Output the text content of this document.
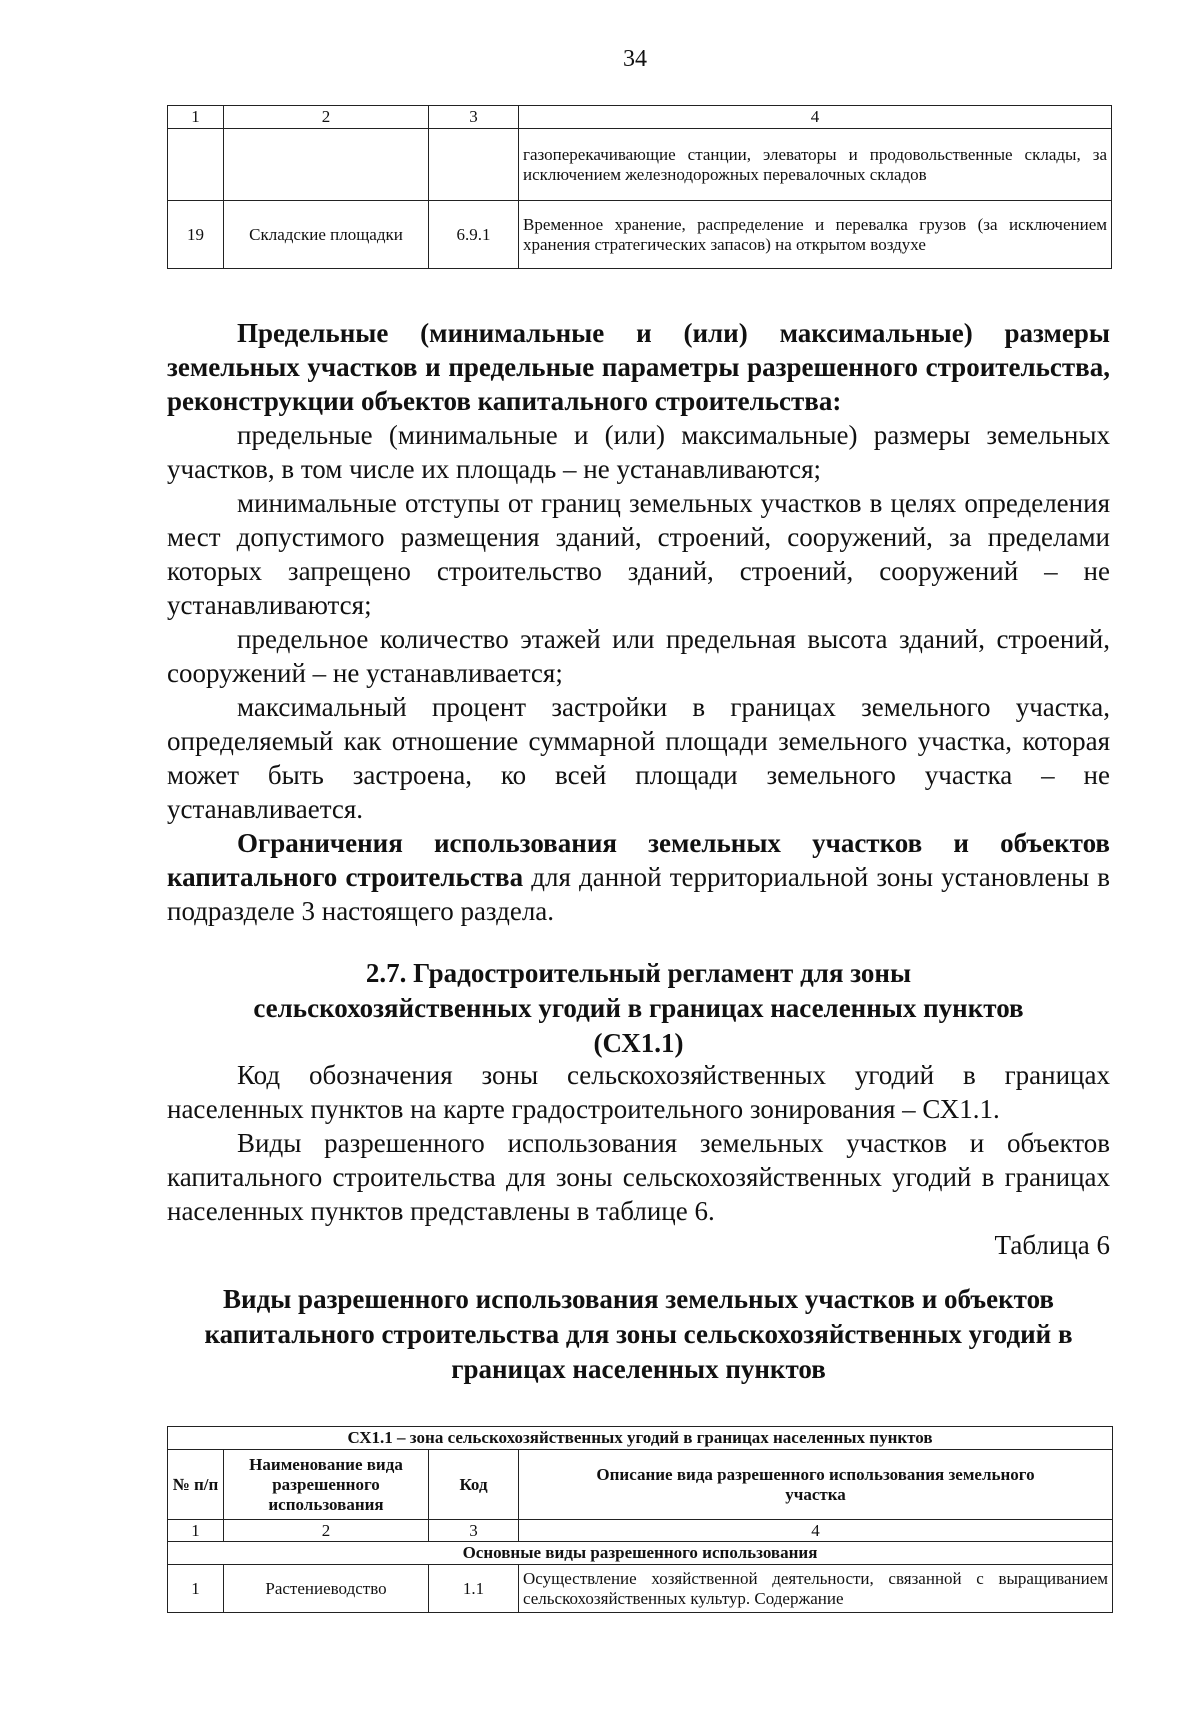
34
1	2	3	4
			газоперекачивающие станции, элеваторы и продовольственные склады, за исключением железнодорожных перевалочных складов
19	Складские площадки	6.9.1	Временное хранение, распределение и перевалка грузов (за исключением хранения стратегических запасов) на открытом воздухе

Предельные (минимальные и (или) максимальные) размеры земельных участков и предельные параметры разрешенного строительства, реконструкции объектов капитального строительства:

предельные (минимальные и (или) максимальные) размеры земельных участков, в том числе их площадь – не устанавливаются;

минимальные отступы от границ земельных участков в целях определения мест допустимого размещения зданий, строений, сооружений, за пределами которых запрещено строительство зданий, строений, сооружений – не устанавливаются;

предельное количество этажей или предельная высота зданий, строений, сооружений – не устанавливается;

максимальный процент застройки в границах земельного участка, определяемый как отношение суммарной площади земельного участка, которая может быть застроена, ко всей площади земельного участка – не устанавливается.

Ограничения использования земельных участков и объектов капитального строительства для данной территориальной зоны установлены в подразделе 3 настоящего раздела.

2.7. Градостроительный регламент для зоны сельскохозяйственных угодий в границах населенных пунктов (СХ1.1)

Код обозначения зоны сельскохозяйственных угодий в границах населенных пунктов на карте градостроительного зонирования – СХ1.1.

Виды разрешенного использования земельных участков и объектов капитального строительства для зоны сельскохозяйственных угодий в границах населенных пунктов представлены в таблице 6.

Таблица 6

Виды разрешенного использования земельных участков и объектов капитального строительства для зоны сельскохозяйственных угодий в границах населенных пунктов
СХ1.1 – зона сельскохозяйственных угодий в границах населенных пунктов			
№ п/п	Наименование вида разрешенного использования	Код	Описание вида разрешенного использования земельного участка
1	2	3	4
Основные виды разрешенного использования			
1	Растениеводство	1.1	Осуществление хозяйственной деятельности, связанной с выращиванием сельскохозяйственных культур. Содержание
